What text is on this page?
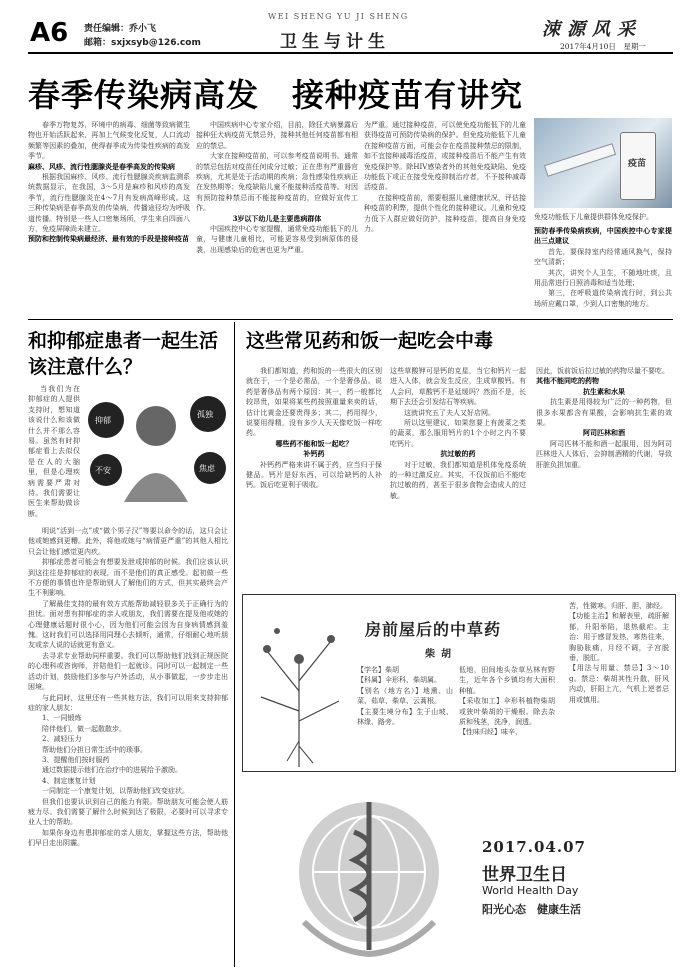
A6 责任编辑：乔小飞
邮箱：sxjxsyb@126.com
WEI SHENG YU JI SHENG
卫生与计生
涑源风采
2017年4月10日　星期一
春季传染病高发　接种疫苗有讲究

春季万物复苏，环境中的病毒、细菌等致病微生物也开始活跃起来，再加上气候变化反复，人口流动频繁等因素的叠加，使得春季成为传染性疾病的高发季节。

麻疹、风疹、流行性腮腺炎是春季高发的传染病

根据我国麻疹、风疹、流行性腮腺炎疾病监测系统数据显示，在我国，3～5月是麻疹和风疹的高发季节，流行性腮腺炎在4～7月有发病高峰形成。这三种传染病是春季高发的传染病，传播途径均为呼吸道传播。特别是一些人口密集场所，学生来自四面八方，免疫屏障尚未建立。

预防和控制传染病最经济、最有效的手段是接种疫苗

中国疾病中心专家介绍，目前，除狂犬病暴露后接种狂犬病疫苗无禁忌外，接种其他任何疫苗都有相应的禁忌。

大家在接种疫苗前，可以参考疫苗说明书。通常的禁忌包括对疫苗任何成分过敏；正在患有严重器官疾病，尤其是处于活动期的疾病；急性感染性疾病正在发热期等；免疫缺陷儿童不能接种活疫苗等。对因有预防接种禁忌而不能接种疫苗的，应做好宣传工作。

3岁以下幼儿是主要患病群体

中国疾控中心专家提醒，通常免疫功能低下的儿童，与健康儿童相比，可能更容易受到病原体的侵袭，出现感染后的危害也更为严重。

为严重。通过接种疫苗，可以使免疫功能低下的儿童获得疫苗可预防传染病的保护。但免疫功能低下儿童在接种疫苗方面，可能会存在疫苗接种禁忌的限制，如不宜接种减毒活疫苗，或接种疫苗后不能产生有效免疫保护等。除HIV感染者外的其他免疫缺陷、免疫功能低下或正在接受免疫抑制治疗者，不予接种减毒活疫苗。

在接种疫苗前，需要根据儿童健康状况，评估接种疫苗的利弊，提供个性化的接种建议。儿童和免疫力低下人群应做好防护，接种疫苗，提高自身免疫力。

疫苗
免疫功能低下儿童提供群体免疫保护。

预防春季传染病疾病，中国疾控中心专家提出三点建议

首先，要保持室内经常通风换气，保持空气清新；

其次，讲究个人卫生，不随地吐痰，且用品常进行日照消毒和适当处理；

第三，在呼吸道传染病流行时，到公共场所应戴口罩，少到人口密集的地方。

和抑郁症患者一起生活该注意什么？
抑郁
孤独
不安	焦虑
当我们为在抑郁症的人提供支持时，想知道该说什么和该做什么并不那么容易。虽然有时抑郁症看上去似仅是在人的大脑里，但是心理疾病需要严肃对待。我们需要让医生来帮助做诊断。

明说“活到一点”或“做个男子汉”等要以命令的话，这只会让他或她感到更糟。此外，将他或她与“病情更严重”的其他人相比只会让他们感觉更内疚。

抑郁症患者可能会有想要发泄或抑郁的时候。我们应该认识到这往往是抑郁症的表现，而不是他们的真正感受。起初做一些不方便的事情也许是帮助别人了解他们的方式，但其实最终会产生不利影响。

了解最佳支持的最有效方式能帮助减轻很多关于正确行为的担忧。面对患有抑郁症的亲人或朋友，我们需要在提及他或她的心理健康话题时很小心，因为他们可能会因为自身病情感到羞愧。这时我们可以选择用同理心去倾听，通常，仔细耐心地听朋友或亲人说的话就更有意义。

去寻求专业帮助同样重要。我们可以帮助他们找到正规医院的心理科或咨询师，并陪他们一起就诊。同时可以一起制定一些活动计划，鼓励他们多参与户外活动，从小事做起，一步步走出困境。

与此同时，这里还有一些其他方法，我们可以用来支持抑郁症的家人朋友：

1、一同锻炼

陪伴他们，做一起散散步。

2、减轻压力

帮助他们分担日常生活中的琐事。

3、提醒他们按时服药

通过数据提示他们在治疗中的进展给予激励。

4、制定康复计划

一同制定一个康复计划，以帮助他们改变症状。

但我们也要认识到自己的能力有限。帮助朋友可能会使人筋疲力尽。我们需要了解什么时候到达了极限，必要时可以寻求专业人士的帮助。

如果你身边有患抑郁症的亲人朋友，掌握这些方法，帮助他们早日走出阴霾。

这些常见药和饭一起吃会中毒

我们都知道，药和饭的一些很大的区别就在于，一个是必需品，一个是奢侈品。说药是奢侈品有两个原因：其一，药一般都比较昂贵，如果将某些药按照重量来卖的话，估计比黄金还要贵得多；其二，药用得少，说要用得精，没有多少人天天像吃饭一样吃药。

哪些药不能和饭一起吃？

补钙药

补钙药严格来讲不属于药，应当归于保健品。钙片是好东西，可以给缺钙的人补钙。饭后吃更利于吸收。

这些草酸钾可是钙的克星，当它和钙片一起进入人体，就会发生反应，生成草酸钙。有人会问，草酸钙不是延缓吗？然而不是，长期下去还会引发结石等疾病。

这就讲究五了夫人又好店网。

所以这里建议，如果您要上有菠菜之类的蔬菜，那么服用钙片的1个小时之内不要吃钙片。

抗过敏的药

对于过敏，我们都知道是机体免疫系统的一种过激反应。其实，不仅饭前后不能吃抗过敏的药，甚至于很多食物会造成人的过敏。

因此，饭前饭后拉过敏的药物尽量不要吃。

其他不能同吃的药物

抗生素和水果

抗生素是用得较为广泛的一种药物，但很多水果都含有果酸，会影响抗生素的效果。

阿司匹林和酒

阿司匹林不能和酒一起服用，因为阿司匹林进入人体后，会抑制酒精的代谢，导致肝脏负担加重。

房前屋后的中草药
柴胡

【学名】柴胡

【科属】伞形科、柴胡属。

【别名（地方名）】地熏、山菜、茹草、柴草、云蒿根。

【主要生境分布】生于山坡、林缘、路旁。

低地，田间地头杂草丛林有野生，近年各个乡镇均有大面积种植。

【采收加工】伞形科植物柴胡或狭叶柴胡的干燥根。除去杂质和残茎，洗净，润透。

【性味归经】味辛，

苦，性微寒。归肝、胆、肺经。

【功能主治】和解表里，疏肝解郁，升阳举陷，退热截疟。主治：用于感冒发热，寒热往来，胸胁胀痛，月经不调，子宫脱垂，脱肛。

【用法与用量、禁忌】3～10g。禁忌：柴胡其性升散，肝风内动，肝阳上亢，气机上逆者忌用或慎用。

2017.04.07
世界卫生日
World Health Day
阳光心态　健康生活
